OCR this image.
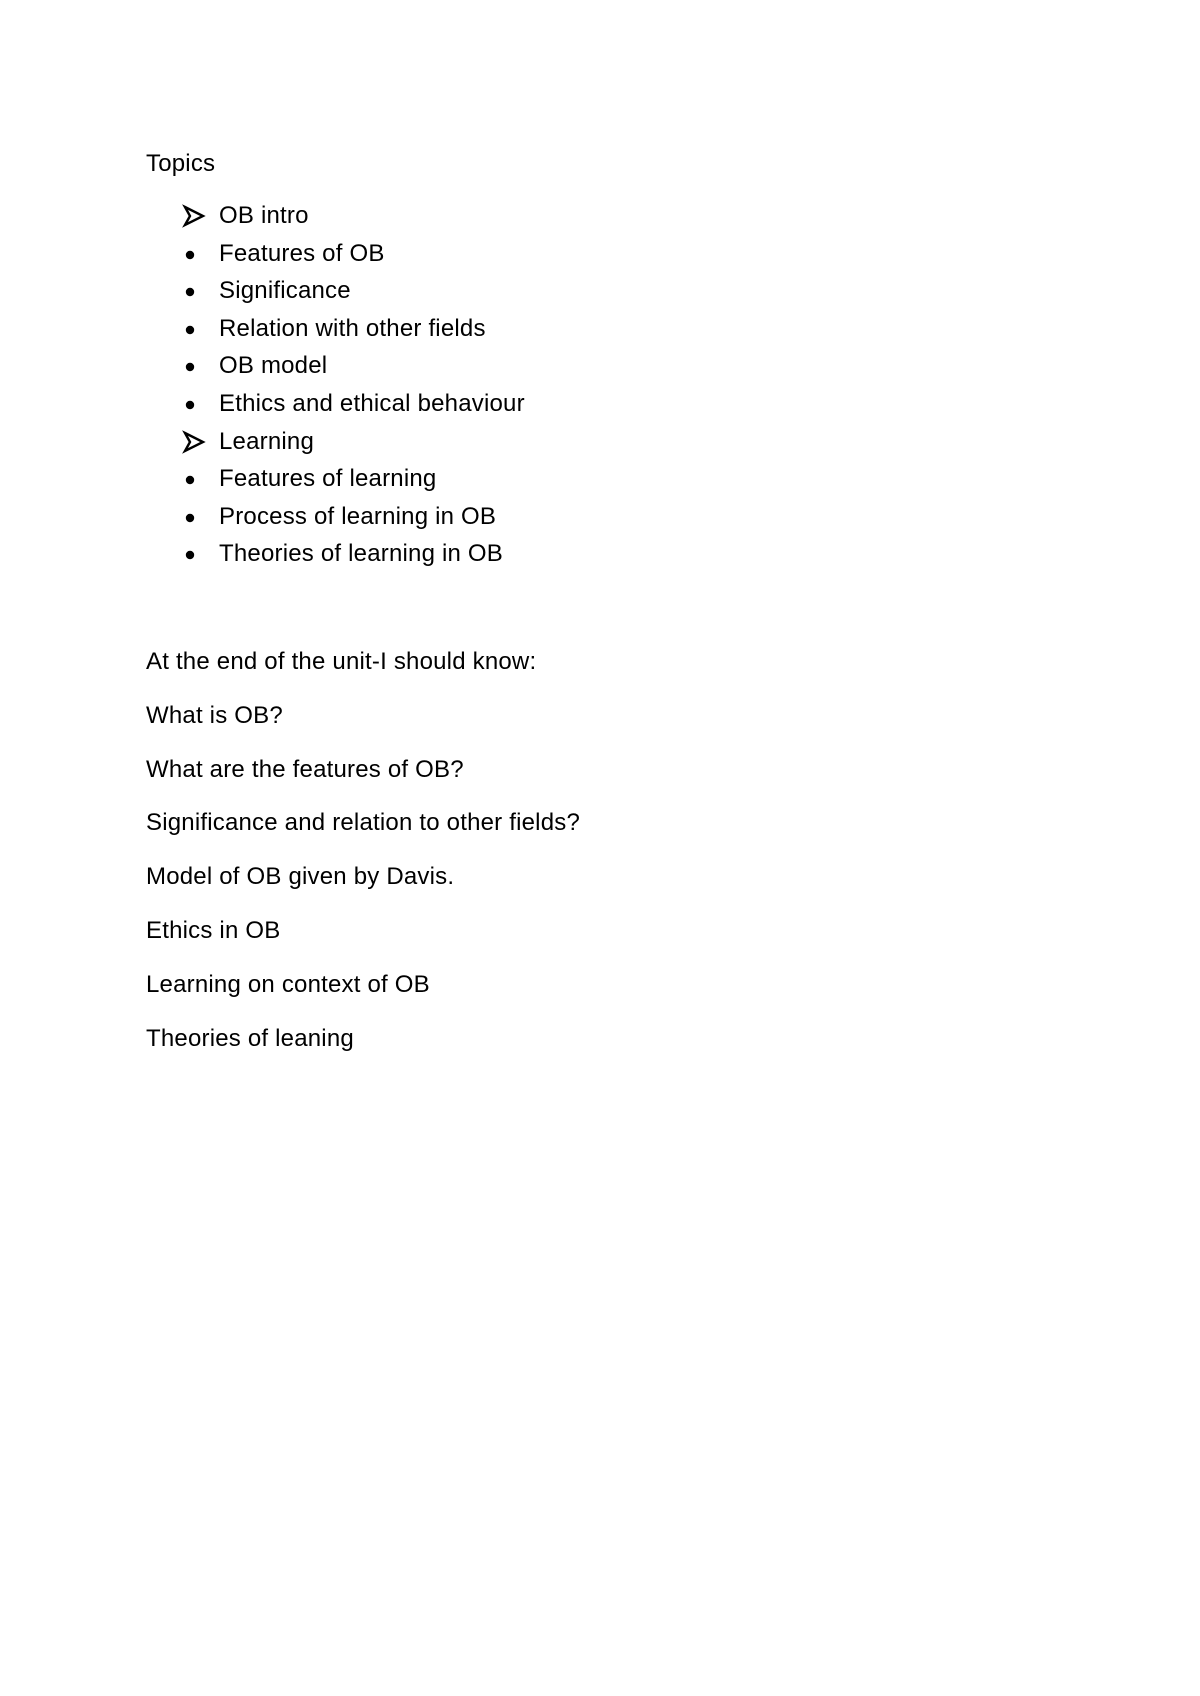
Topics
OB intro
Features of OB
Significance
Relation with other fields
OB model
Ethics and ethical behaviour
Learning
Features of learning
Process of learning in OB
Theories of learning in OB
At the end of the unit-I should know:
What is OB?
What are the features of OB?
Significance and relation to other fields?
Model of OB given by Davis.
Ethics in OB
Learning on context of OB
Theories of leaning
